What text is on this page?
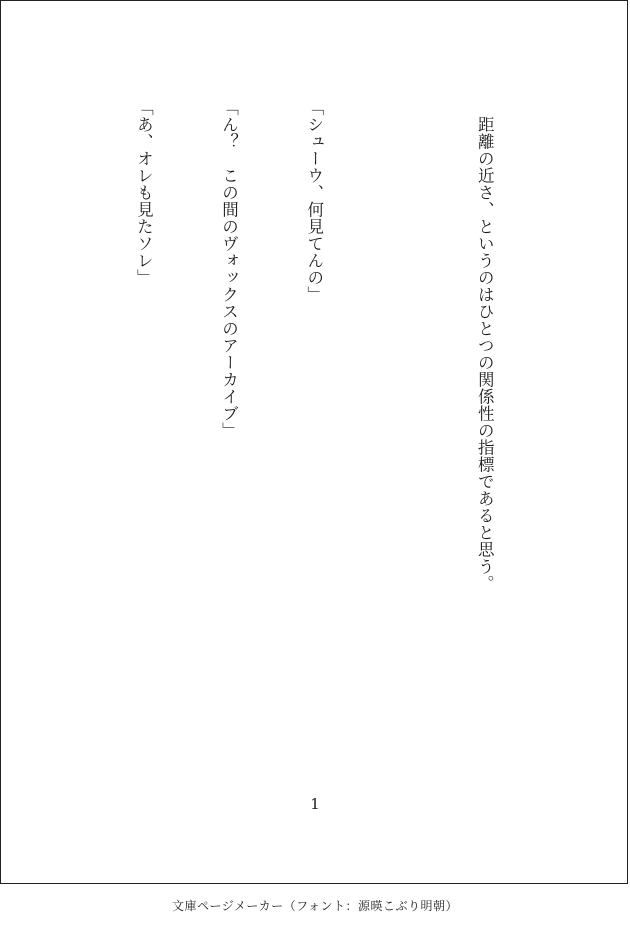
　距離の近さ、というのはひとつの関係性の指標であると思う。

「シューウ、何見てんの」

「ん？　この間のヴォックスのアーカイブ」

「あ、オレも見たソレ」

1
文庫ページメーカー（フォント：源暎こぶり明朝）
